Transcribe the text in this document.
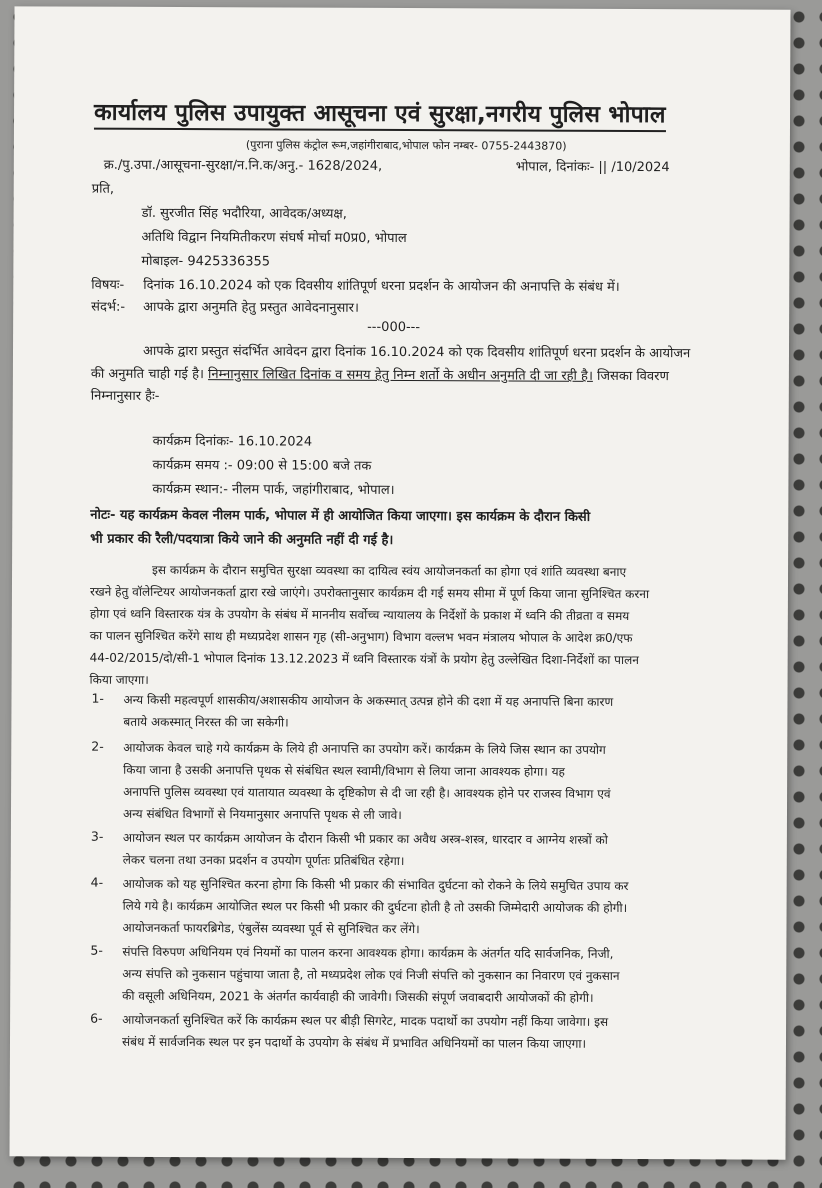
कार्यालय पुलिस उपायुक्त आसूचना एवं सुरक्षा,नगरीय पुलिस भोपाल
(पुराना पुलिस कंट्रोल रूम,जहांगीराबाद,भोपाल फोन नम्बर- 0755-2443870)
क्र./पु.उपा./आसूचना-सुरक्षा/न.नि.क/अनु.- 1628/2024,	भोपाल, दिनांकः- || /10/2024
प्रति,
डॉ. सुरजीत सिंह भदौरिया, आवेदक/अध्यक्ष,
अतिथि विद्वान नियमितीकरण संघर्ष मोर्चा म0प्र0, भोपाल
मोबाइल- 9425336355
विषयः- दिनांक 16.10.2024 को एक दिवसीय शांतिपूर्ण धरना प्रदर्शन के आयोजन की अनापत्ति के संबंध में।
संदर्भ:- आपके द्वारा अनुमति हेतु प्रस्तुत आवेदनानुसार।
---000---
आपके द्वारा प्रस्तुत संदर्भित आवेदन द्वारा दिनांक 16.10.2024 को एक दिवसीय शांतिपूर्ण धरना प्रदर्शन के आयोजन
की अनुमति चाही गई है। निम्नानुसार लिखित दिनांक व समय हेतु निम्न शर्तो के अधीन अनुमति दी जा रही है। जिसका विवरण
निम्नानुसार हैः-
कार्यक्रम दिनांकः- 16.10.2024
कार्यक्रम समय :- 09:00 से 15:00 बजे तक
कार्यक्रम स्थान:- नीलम पार्क, जहांगीराबाद, भोपाल।
नोटः- यह कार्यक्रम केवल नीलम पार्क, भोपाल में ही आयोजित किया जाएगा। इस कार्यक्रम के दौरान किसी
भी प्रकार की रैली/पदयात्रा किये जाने की अनुमति नहीं दी गई है।
इस कार्यक्रम के दौरान समुचित सुरक्षा व्यवस्था का दायित्व स्वंय आयोजनकर्ता का होगा एवं शांति व्यवस्था बनाए
रखने हेतु वॉलेन्टियर आयोजनकर्ता द्वारा रखे जाएंगे। उपरोक्तानुसार कार्यक्रम दी गई समय सीमा में पूर्ण किया जाना सुनिश्चित करना
होगा एवं ध्वनि विस्तारक यंत्र के उपयोग के संबंध में माननीय सर्वोच्च न्यायालय के निर्देशों के प्रकाश में ध्वनि की तीव्रता व समय
का पालन सुनिश्चित करेंगे साथ ही मध्यप्रदेश शासन गृह (सी-अनुभाग) विभाग वल्लभ भवन मंत्रालय भोपाल के आदेश क्र0/एफ
44-02/2015/दो/सी-1 भोपाल दिनांक 13.12.2023 में ध्वनि विस्तारक यंत्रों के प्रयोग हेतु उल्लेखित दिशा-निर्देशों का पालन
किया जाएगा।
1- अन्य किसी महत्वपूर्ण शासकीय/अशासकीय आयोजन के अकस्मात् उत्पन्न होने की दशा में यह अनापत्ति बिना कारण
बताये अकस्मात् निरस्त की जा सकेगी।
2- आयोजक केवल चाहे गये कार्यक्रम के लिये ही अनापत्ति का उपयोग करें। कार्यक्रम के लिये जिस स्थान का उपयोग
किया जाना है उसकी अनापत्ति पृथक से संबंधित स्थल स्वामी/विभाग से लिया जाना आवश्यक होगा। यह
अनापत्ति पुलिस व्यवस्था एवं यातायात व्यवस्था के दृष्टिकोण से दी जा रही है। आवश्यक होने पर राजस्व विभाग एवं
अन्य संबंधित विभागों से नियमानुसार अनापत्ति पृथक से ली जावे।
3- आयोजन स्थल पर कार्यक्रम आयोजन के दौरान किसी भी प्रकार का अवैध अस्त्र-शस्त्र, धारदार व आग्नेय शस्त्रों को
लेकर चलना तथा उनका प्रदर्शन व उपयोग पूर्णतः प्रतिबंधित रहेगा।
4- आयोजक को यह सुनिश्चित करना होगा कि किसी भी प्रकार की संभावित दुर्घटना को रोकने के लिये समुचित उपाय कर
लिये गये है। कार्यक्रम आयोजित स्थल पर किसी भी प्रकार की दुर्घटना होती है तो उसकी जिम्मेदारी आयोजक की होगी।
आयोजनकर्ता फायरब्रिगेड, एंबुलेंस व्यवस्था पूर्व से सुनिश्चित कर लेंगे।
5- संपत्ति विरुपण अधिनियम एवं नियमों का पालन करना आवश्यक होगा। कार्यक्रम के अंतर्गत यदि सार्वजनिक, निजी,
अन्य संपत्ति को नुकसान पहुंचाया जाता है, तो मध्यप्रदेश लोक एवं निजी संपत्ति को नुकसान का निवारण एवं नुकसान
की वसूली अधिनियम, 2021 के अंतर्गत कार्यवाही की जावेगी। जिसकी संपूर्ण जवाबदारी आयोजकों की होगी।
6- आयोजनकर्ता सुनिश्चित करें कि कार्यक्रम स्थल पर बीड़ी सिगरेट, मादक पदार्थो का उपयोग नहीं किया जावेगा। इस
संबंध में सार्वजनिक स्थल पर इन पदार्थो के उपयोग के संबंध में प्रभावित अधिनियमों का पालन किया जाएगा।
